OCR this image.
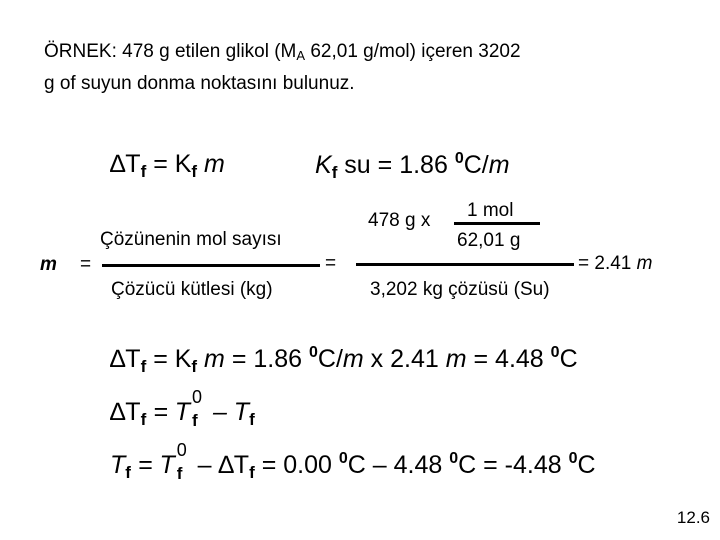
ÖRNEK: 478 g etilen glikol ($M_A$ 62,01 g/mol) içeren 3202
g of suyun donma noktasını bulunuz.
$\Delta T_f = K_f$ m	$K_f$ su = 1.86 $^0$C/m
m =
Çözünenin mol sayısı
Çözücü kütlesi (kg)
=
478 g x 1 mol
62,01 g
3,202 kg çözüsü (Su)
= 2.41 m
$\Delta T_f = K_f$ m = 1.86 $^0$C/m x 2.41 m = 4.48 $^0$C
$\Delta T_f = T$
0
f – $T_f$
$T_f = T$
0
$f - \Delta T_f = 0.00$ $^0$C – 4.48 $^0$C = -4.48 $^0$C
12.6
